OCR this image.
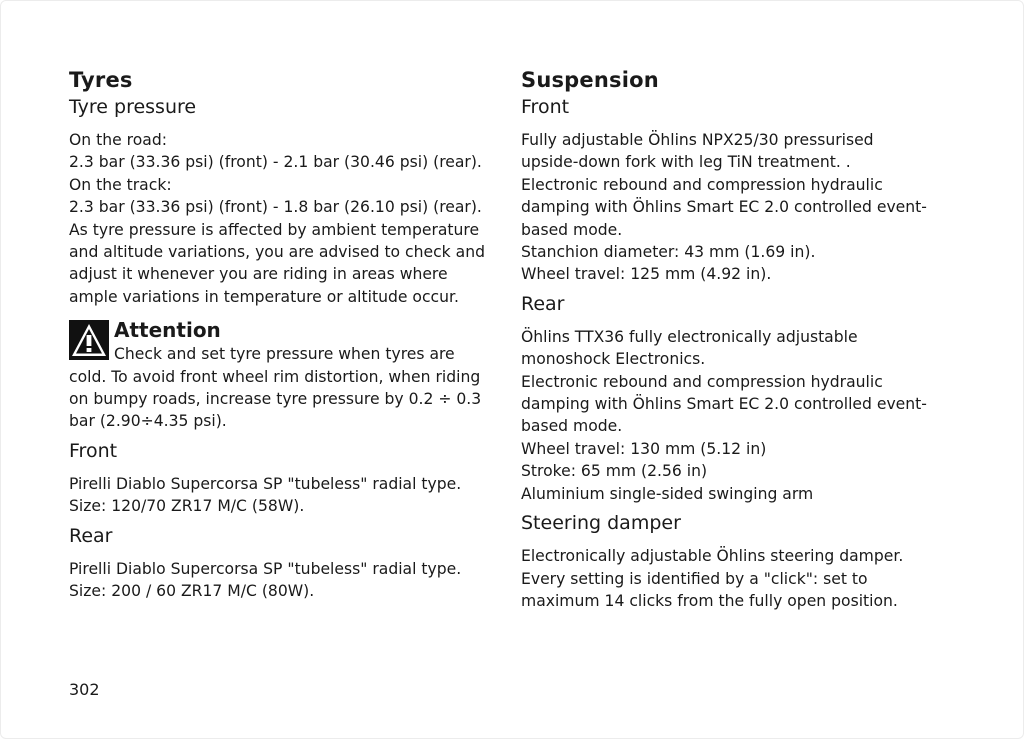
Tyres
Tyre pressure

On the road:
2.3 bar (33.36 psi) (front) - 2.1 bar (30.46 psi) (rear).
On the track:
2.3 bar (33.36 psi) (front) - 1.8 bar (26.10 psi) (rear).
As tyre pressure is affected by ambient temperature
and altitude variations, you are advised to check and
adjust it whenever you are riding in areas where
ample variations in temperature or altitude occur.

Attention

Check and set tyre pressure when tyres are
cold. To avoid front wheel rim distortion, when riding
on bumpy roads, increase tyre pressure by 0.2 ÷ 0.3
bar (2.90÷4.35 psi).

Front

Pirelli Diablo Supercorsa SP "tubeless" radial type.
Size: 120/70 ZR17 M/C (58W).

Rear

Pirelli Diablo Supercorsa SP "tubeless" radial type.
Size: 200 / 60 ZR17 M/C (80W).

Suspension
Front

Fully adjustable Öhlins NPX25/30 pressurised
upside-down fork with leg TiN treatment. .
Electronic rebound and compression hydraulic
damping with Öhlins Smart EC 2.0 controlled event-
based mode.
Stanchion diameter: 43 mm (1.69 in).
Wheel travel: 125 mm (4.92 in).

Rear

Öhlins TTX36 fully electronically adjustable
monoshock Electronics.
Electronic rebound and compression hydraulic
damping with Öhlins Smart EC 2.0 controlled event-
based mode.
Wheel travel: 130 mm (5.12 in)
Stroke: 65 mm (2.56 in)
Aluminium single-sided swinging arm

Steering damper

Electronically adjustable Öhlins steering damper.
Every setting is identified by a "click": set to
maximum 14 clicks from the fully open position.

302
